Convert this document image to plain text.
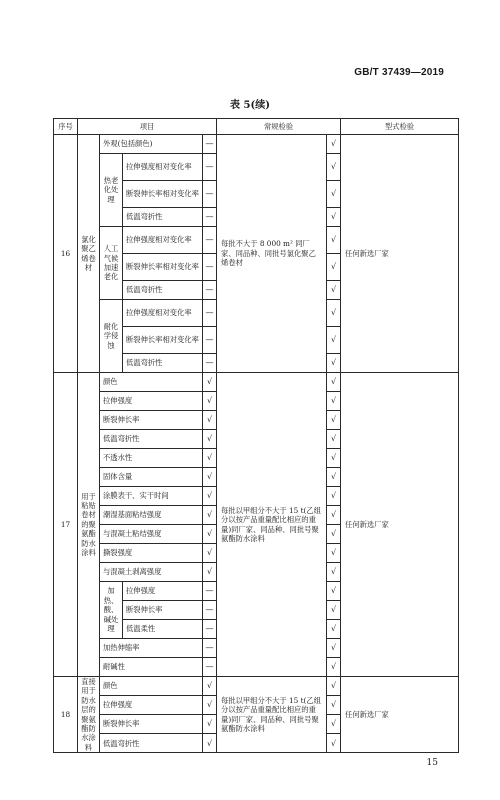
GB/T 37439—2019
表 5(续)
序号	项目				常规检验		型式检验
16	氯化聚乙烯卷材	外观(包括颜色)		—	每批不大于 8 000 m² 同厂家、同品种、同批号氯化聚乙烯卷材	√	任何新选厂家
		热老化处理	拉伸强度相对变化率	—		√	
			断裂伸长率相对变化率	—		√	
			低温弯折性	—		√	
		人工气候加速老化	拉伸强度相对变化率	—		√	
			断裂伸长率相对变化率	—		√	
			低温弯折性	—		√	
		耐化学侵蚀	拉伸强度相对变化率	—		√	
			断裂伸长率相对变化率	—		√	
			低温弯折性	—		√	
17	用于粘贴卷材的聚氨酯防水涂料	颜色		√	每批以甲组分不大于 15 t(乙组分以按产品重量配比相应的重量)同厂家、同品种、同批号聚氨酯防水涂料	√	任何新选厂家
		拉伸强度		√		√	
		断裂伸长率		√		√	
		低温弯折性		√		√	
		不透水性		√		√	
		固体含量		√		√	
		涂膜表干、实干时间		√		√	
		潮湿基面粘结强度		√		√	
		与混凝土粘结强度		√		√	
		撕裂强度		√		√	
		与混凝土剥离强度		√		√	
		加热、酸、碱处理	拉伸强度	—		√	
			断裂伸长率	—		√	
			低温柔性	—		√	
		加热伸缩率		—		√	
		耐碱性		—		√	
18	直接用于防水层的聚氨酯防水涂料	颜色		√	每批以甲组分不大于 15 t(乙组分以按产品重量配比相应的重量)同厂家、同品种、同批号聚氨酯防水涂料	√	任何新选厂家
		拉伸强度		√		√	
		断裂伸长率		√		√	
		低温弯折性		√		√	
15
